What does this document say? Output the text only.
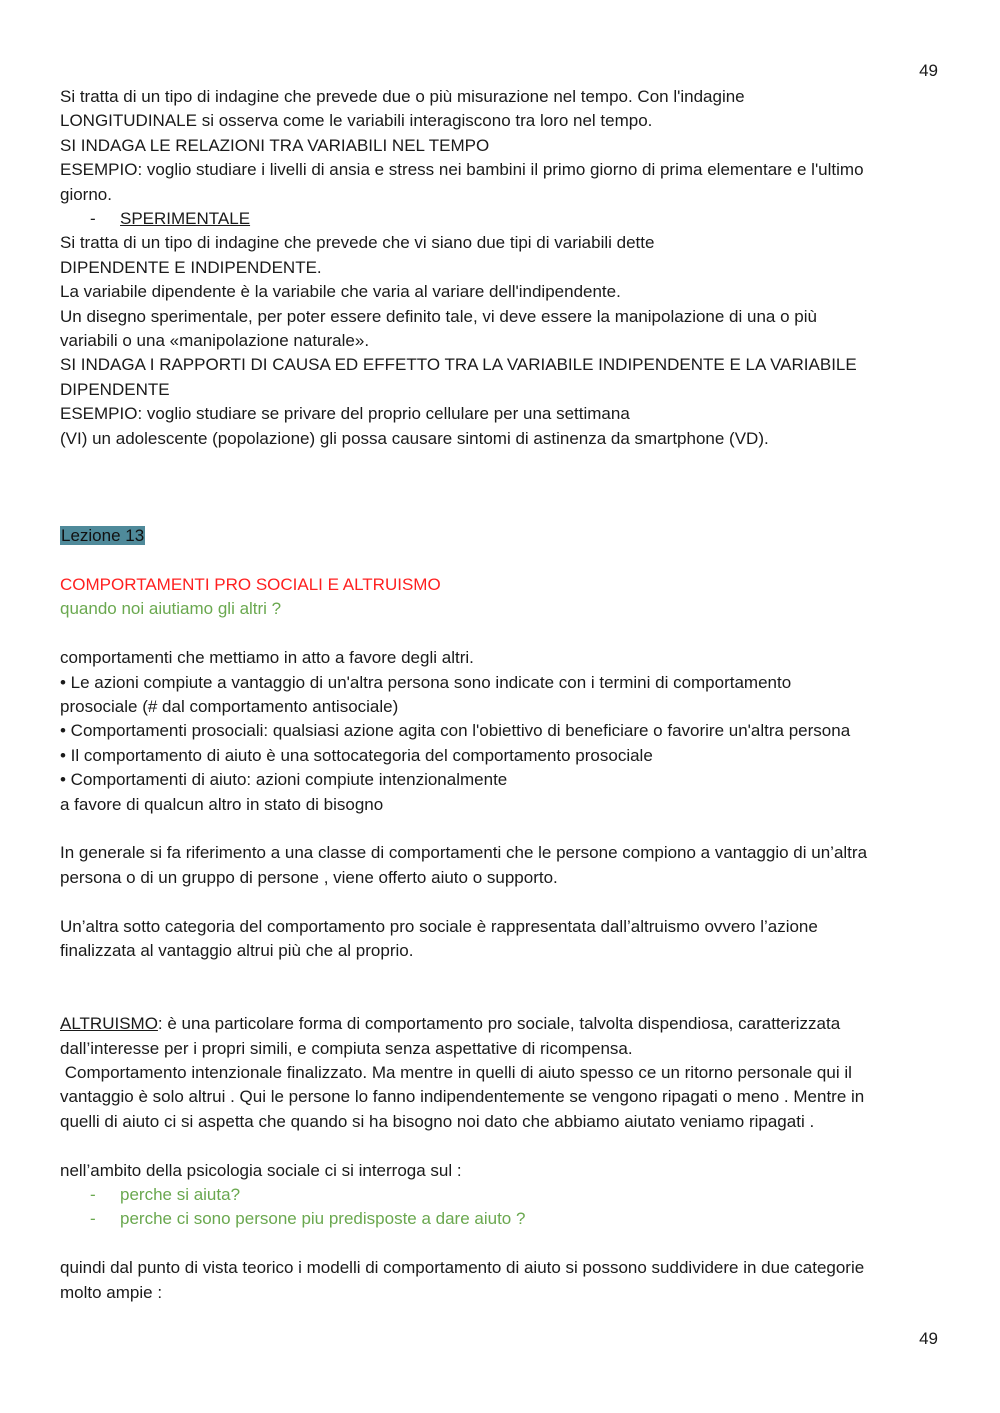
49
Si tratta di un tipo di indagine che prevede due o più misurazione nel tempo. Con l'indagine
LONGITUDINALE si osserva come le variabili interagiscono tra loro nel tempo.
SI INDAGA LE RELAZIONI TRA VARIABILI NEL TEMPO
ESEMPIO: voglio studiare i livelli di ansia e stress nei bambini il primo giorno di prima elementare e l'ultimo
giorno.
- SPERIMENTALE
Si tratta di un tipo di indagine che prevede che vi siano due tipi di variabili dette
DIPENDENTE E INDIPENDENTE.
La variabile dipendente è la variabile che varia al variare dell'indipendente.
Un disegno sperimentale, per poter essere definito tale, vi deve essere la manipolazione di una o più
variabili o una «manipolazione naturale».
SI INDAGA I RAPPORTI DI CAUSA ED EFFETTO TRA LA VARIABILE INDIPENDENTE E LA VARIABILE
DIPENDENTE
ESEMPIO: voglio studiare se privare del proprio cellulare per una settimana
(VI) un adolescente (popolazione) gli possa causare sintomi di astinenza da smartphone (VD).
Lezione 13
COMPORTAMENTI PRO SOCIALI E ALTRUISMO
quando noi aiutiamo gli altri ?
comportamenti che mettiamo in atto a favore degli altri.
• Le azioni compiute a vantaggio di un'altra persona sono indicate con i termini di comportamento
prosociale (# dal comportamento antisociale)
• Comportamenti prosociali: qualsiasi azione agita con l'obiettivo di beneficiare o favorire un'altra persona
• Il comportamento di aiuto è una sottocategoria del comportamento prosociale
• Comportamenti di aiuto: azioni compiute intenzionalmente
a favore di qualcun altro in stato di bisogno
In generale si fa riferimento a una classe di comportamenti che le persone compiono a vantaggio di un’altra
persona o di un gruppo di persone , viene offerto aiuto o supporto.
Un’altra sotto categoria del comportamento pro sociale è rappresentata dall’altruismo ovvero l’azione
finalizzata al vantaggio altrui più che al proprio.
ALTRUISMO: è una particolare forma di comportamento pro sociale, talvolta dispendiosa, caratterizzata
dall’interesse per i propri simili, e compiuta senza aspettative di ricompensa.
Comportamento intenzionale finalizzato. Ma mentre in quelli di aiuto spesso ce un ritorno personale qui il
vantaggio è solo altrui . Qui le persone lo fanno indipendentemente se vengono ripagati o meno . Mentre in
quelli di aiuto ci si aspetta che quando si ha bisogno noi dato che abbiamo aiutato veniamo ripagati .
nell’ambito della psicologia sociale ci si interroga sul :
- perche si aiuta?
- perche ci sono persone piu predisposte a dare aiuto ?
quindi dal punto di vista teorico i modelli di comportamento di aiuto si possono suddividere in due categorie
molto ampie :
49
